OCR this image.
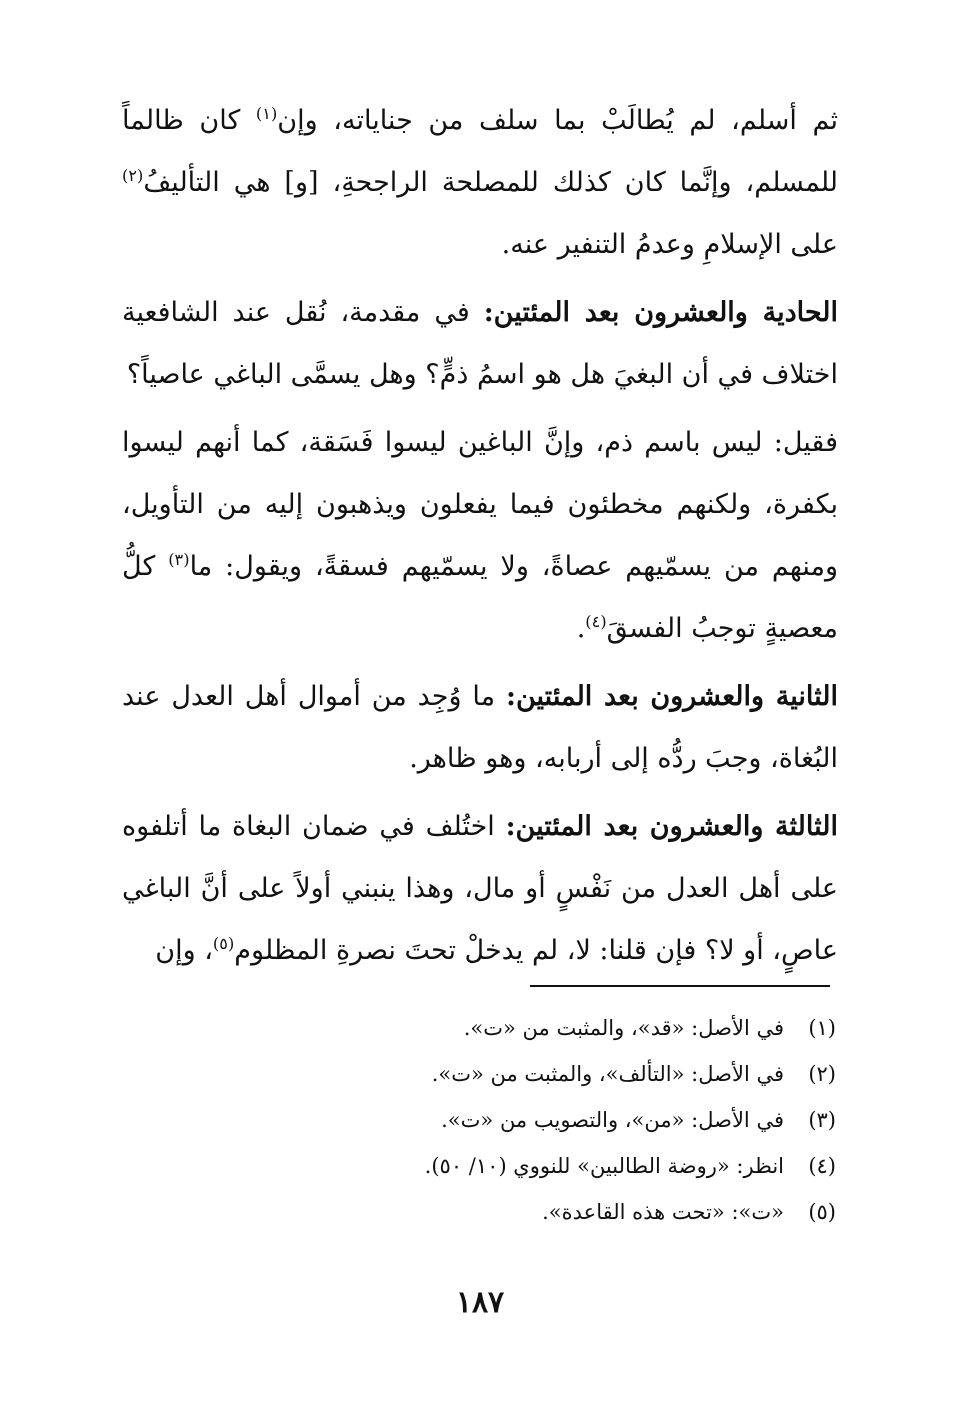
ثم أسلم، لم يُطالَبْ بما سلف من جناياته، وإن$^{(١)}$ كان ظالماً للمسلم، وإنَّما كان كذلك للمصلحة الراجحةِ، [و] هي التأليفُ$^{(٢)}$ على الإسلامِ وعدمُ التنفير عنه.

الحادية والعشرون بعد المئتين: في مقدمة، نُقل عند الشافعية اختلاف في أن البغيَ هل هو اسمُ ذمٍّ؟ وهل يسمَّى الباغي عاصياً؟

فقيل: ليس باسم ذم، وإنَّ الباغين ليسوا فَسَقة، كما أنهم ليسوا بكفرة، ولكنهم مخطئون فيما يفعلون ويذهبون إليه من التأويل، ومنهم من يسمّيهم عصاةً، ولا يسمّيهم فسقةً، ويقول: ما$^{(٣)}$ كلُّ معصيةٍ توجبُ الفسقَ$^{(٤)}$.

الثانية والعشرون بعد المئتين: ما وُجِد من أموال أهل العدل عند البُغاة، وجبَ ردُّه إلى أربابه، وهو ظاهر.

الثالثة والعشرون بعد المئتين: اختُلف في ضمان البغاة ما أتلفوه على أهل العدل من نَفْسٍ أو مال، وهذا ينبني أولاً على أنَّ الباغي عاصٍ، أو لا؟ فإن قلنا: لا، لم يدخلْ تحتَ نصرةِ المظلوم$^{(٥)}$، وإن

(١)في الأصل: «قد»، والمثبت من «ت».
(٢)في الأصل: «التألف»، والمثبت من «ت».
(٣)في الأصل: «من»، والتصويب من «ت».
(٤)انظر: «روضة الطالبين» للنووي (١٠/ ٥٠).
(٥)«ت»: «تحت هذه القاعدة».
١٨٧
